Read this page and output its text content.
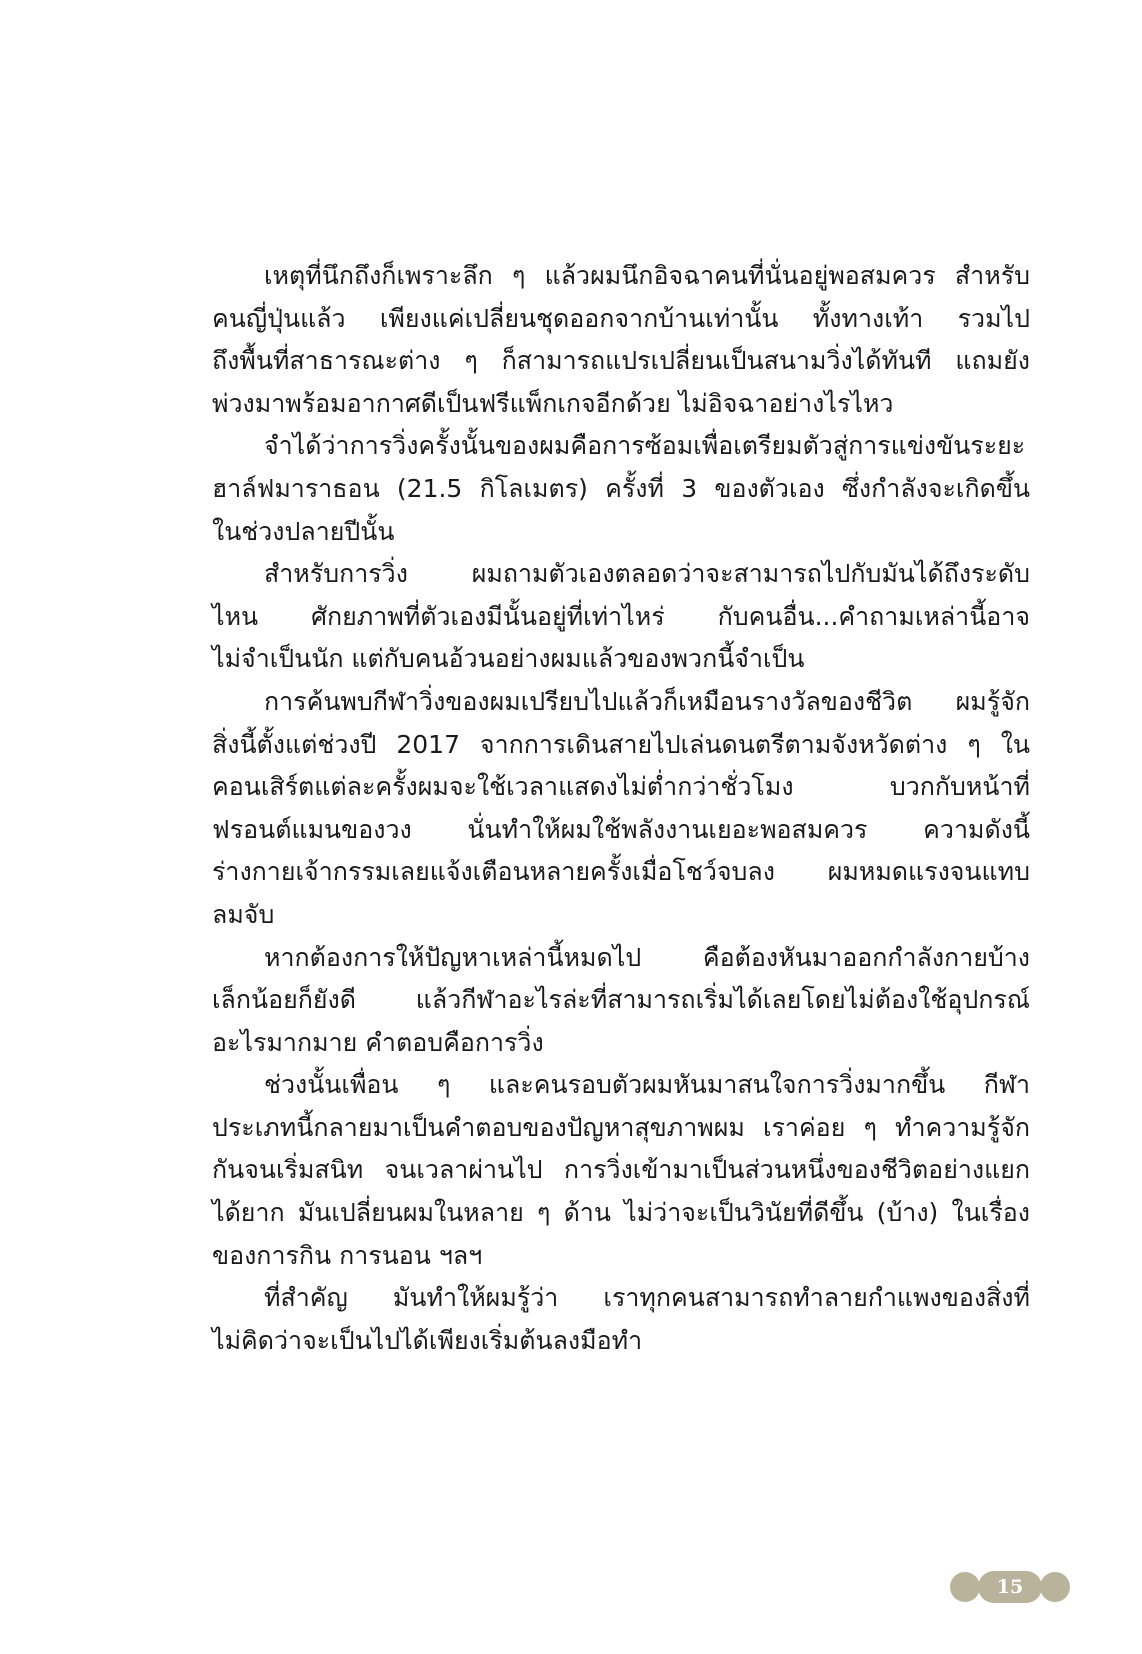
เหตุที่นึกถึงก็เพราะลึก ๆ แล้วผมนึกอิจฉาคนที่นั่นอยู่พอสมควร สำหรับ
คนญี่ปุ่นแล้ว เพียงแค่เปลี่ยนชุดออกจากบ้านเท่านั้น ทั้งทางเท้า รวมไป
ถึงพื้นที่สาธารณะต่าง ๆ ก็สามารถแปรเปลี่ยนเป็นสนามวิ่งได้ทันที แถมยัง
พ่วงมาพร้อมอากาศดีเป็นฟรีแพ็กเกจอีกด้วย ไม่อิจฉาอย่างไรไหว
จำได้ว่าการวิ่งครั้งนั้นของผมคือการซ้อมเพื่อเตรียมตัวสู่การแข่งขันระยะ
ฮาล์ฟมาราธอน (21.5 กิโลเมตร) ครั้งที่ 3 ของตัวเอง ซึ่งกำลังจะเกิดขึ้น
ในช่วงปลายปีนั้น
สำหรับการวิ่ง ผมถามตัวเองตลอดว่าจะสามารถไปกับมันได้ถึงระดับ
ไหน ศักยภาพที่ตัวเองมีนั้นอยู่ที่เท่าไหร่ กับคนอื่น...คำถามเหล่านี้อาจ
ไม่จำเป็นนัก แต่กับคนอ้วนอย่างผมแล้วของพวกนี้จำเป็น
การค้นพบกีฬาวิ่งของผมเปรียบไปแล้วก็เหมือนรางวัลของชีวิต ผมรู้จัก
สิ่งนี้ตั้งแต่ช่วงปี 2017 จากการเดินสายไปเล่นดนตรีตามจังหวัดต่าง ๆ ใน
คอนเสิร์ตแต่ละครั้งผมจะใช้เวลาแสดงไม่ต่ำกว่าชั่วโมง บวกกับหน้าที่
ฟรอนต์แมนของวง นั่นทำให้ผมใช้พลังงานเยอะพอสมควร ความดังนี้
ร่างกายเจ้ากรรมเลยแจ้งเตือนหลายครั้งเมื่อโชว์จบลง ผมหมดแรงจนแทบ
ลมจับ
หากต้องการให้ปัญหาเหล่านี้หมดไป คือต้องหันมาออกกำลังกายบ้าง
เล็กน้อยก็ยังดี แล้วกีฬาอะไรล่ะที่สามารถเริ่มได้เลยโดยไม่ต้องใช้อุปกรณ์
อะไรมากมาย คำตอบคือการวิ่ง
ช่วงนั้นเพื่อน ๆ และคนรอบตัวผมหันมาสนใจการวิ่งมากขึ้น กีฬา
ประเภทนี้กลายมาเป็นคำตอบของปัญหาสุขภาพผม เราค่อย ๆ ทำความรู้จัก
กันจนเริ่มสนิท จนเวลาผ่านไป การวิ่งเข้ามาเป็นส่วนหนึ่งของชีวิตอย่างแยก
ได้ยาก มันเปลี่ยนผมในหลาย ๆ ด้าน ไม่ว่าจะเป็นวินัยที่ดีขึ้น (บ้าง) ในเรื่อง
ของการกิน การนอน ฯลฯ
ที่สำคัญ มันทำให้ผมรู้ว่า เราทุกคนสามารถทำลายกำแพงของสิ่งที่
ไม่คิดว่าจะเป็นไปได้เพียงเริ่มต้นลงมือทำ
15
